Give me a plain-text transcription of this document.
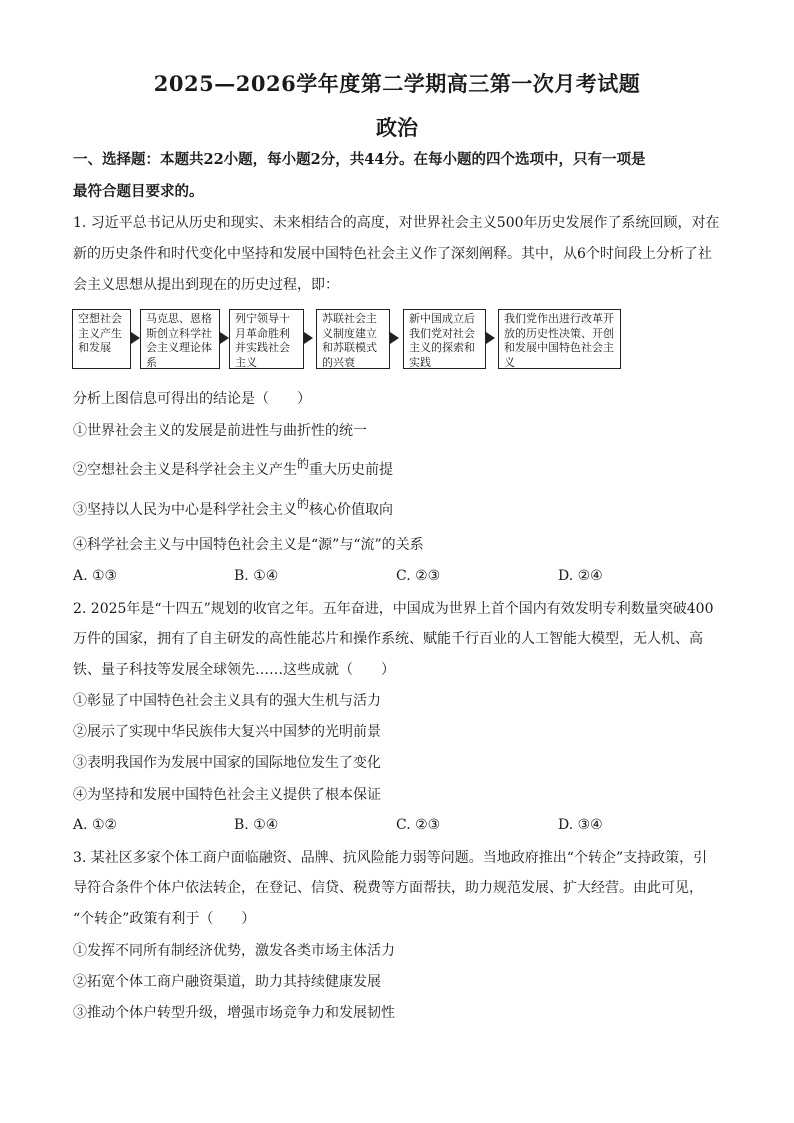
2025—2026学年度第二学期高三第一次月考试题
政治
一、选择题：本题共22小题，每小题2分，共44分。在每小题的四个选项中，只有一项是
最符合题目要求的。
1. 习近平总书记从历史和现实、未来相结合的高度，对世界社会主义500年历史发展作了系统回顾，对在
新的历史条件和时代变化中坚持和发展中国特色社会主义作了深刻阐释。其中，从6个时间段上分析了社
会主义思想从提出到现在的历史过程，即：
空想社会主义产生和发展
马克思、恩格斯创立科学社会主义理论体系
列宁领导十月革命胜利并实践社会主义
苏联社会主义制度建立和苏联模式的兴衰
新中国成立后我们党对社会主义的探索和实践
我们党作出进行改革开放的历史性决策、开创和发展中国特色社会主义
分析上图信息可得出的结论是（　　）
①世界社会主义的发展是前进性与曲折性的统一
②空想社会主义是科学社会主义产生的重大历史前提
③坚持以人民为中心是科学社会主义的核心价值取向
④科学社会主义与中国特色社会主义是“源”与“流”的关系
A. ①③	B. ①④	C. ②③	D. ②④
2. 2025年是“十四五”规划的收官之年。五年奋进，中国成为世界上首个国内有效发明专利数量突破400
万件的国家，拥有了自主研发的高性能芯片和操作系统、赋能千行百业的人工智能大模型，无人机、高
铁、量子科技等发展全球领先……这些成就（　　）
①彰显了中国特色社会主义具有的强大生机与活力
②展示了实现中华民族伟大复兴中国梦的光明前景
③表明我国作为发展中国家的国际地位发生了变化
④为坚持和发展中国特色社会主义提供了根本保证
A. ①②	B. ①④	C. ②③	D. ③④
3. 某社区多家个体工商户面临融资、品牌、抗风险能力弱等问题。当地政府推出“个转企”支持政策，引
导符合条件个体户依法转企，在登记、信贷、税费等方面帮扶，助力规范发展、扩大经营。由此可见，
“个转企”政策有利于（　　）
①发挥不同所有制经济优势，激发各类市场主体活力
②拓宽个体工商户融资渠道，助力其持续健康发展
③推动个体户转型升级，增强市场竞争力和发展韧性
